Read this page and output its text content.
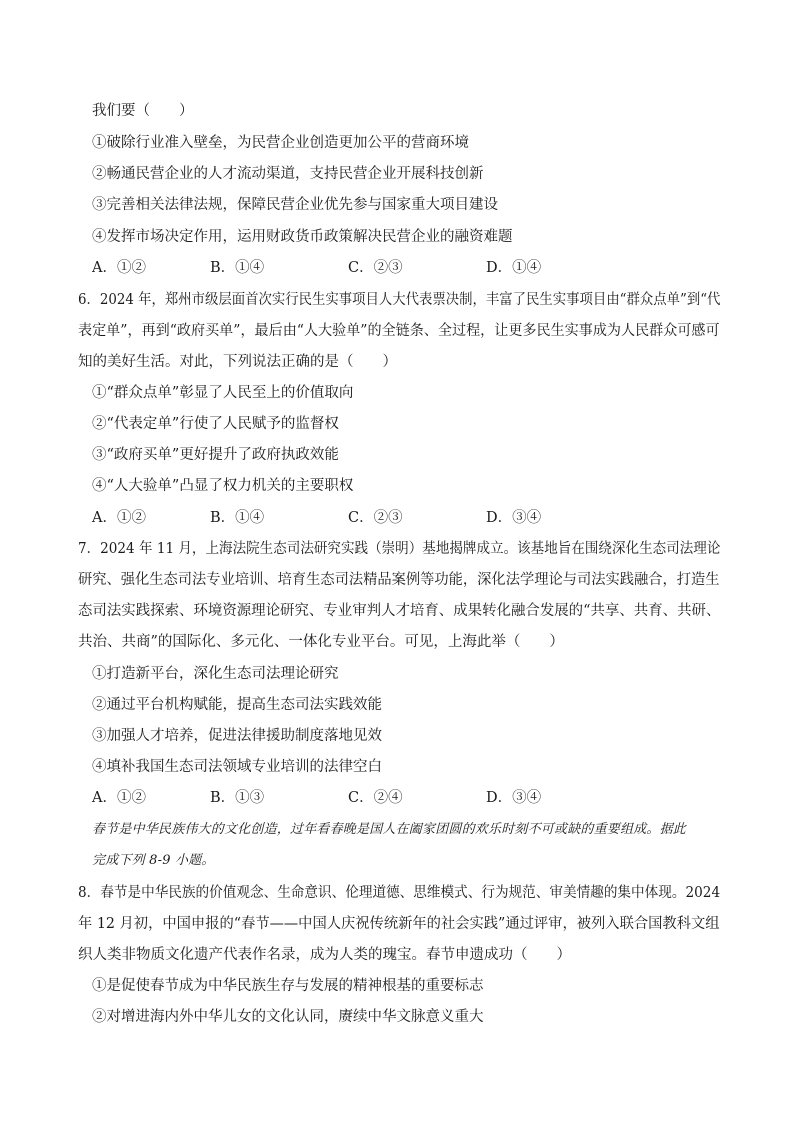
我们要（　　）
①破除行业准入壁垒，为民营企业创造更加公平的营商环境
②畅通民营企业的人才流动渠道，支持民营企业开展科技创新
③完善相关法律法规，保障民营企业优先参与国家重大项目建设
④发挥市场决定作用，运用财政货币政策解决民营企业的融资难题
A．①②	B．①④	C．②③	D．①④
6．2024 年，郑州市级层面首次实行民生实事项目人大代表票决制，丰富了民生实事项目由“群众点单”到“代
表定单”，再到“政府买单”，最后由“人大验单”的全链条、全过程，让更多民生实事成为人民群众可感可
知的美好生活。对此，下列说法正确的是（　　）
①“群众点单”彰显了人民至上的价值取向
②“代表定单”行使了人民赋予的监督权
③“政府买单”更好提升了政府执政效能
④“人大验单”凸显了权力机关的主要职权
A．①②	B．①④	C．②③	D．③④
7．2024 年 11 月，上海法院生态司法研究实践（崇明）基地揭牌成立。该基地旨在围绕深化生态司法理论
研究、强化生态司法专业培训、培育生态司法精品案例等功能，深化法学理论与司法实践融合，打造生
态司法实践探索、环境资源理论研究、专业审判人才培育、成果转化融合发展的“共享、共育、共研、
共治、共商”的国际化、多元化、一体化专业平台。可见，上海此举（　　）
①打造新平台，深化生态司法理论研究
②通过平台机构赋能，提高生态司法实践效能
③加强人才培养，促进法律援助制度落地见效
④填补我国生态司法领域专业培训的法律空白
A．①②	B．①③	C．②④	D．③④
春节是中华民族伟大的文化创造，过年看春晚是国人在阖家团圆的欢乐时刻不可或缺的重要组成。据此
完成下列 8-9 小题。
8．春节是中华民族的价值观念、生命意识、伦理道德、思维模式、行为规范、审美情趣的集中体现。2024
年 12 月初，中国申报的“春节——中国人庆祝传统新年的社会实践”通过评审，被列入联合国教科文组
织人类非物质文化遗产代表作名录，成为人类的瑰宝。春节申遗成功（　　）
①是促使春节成为中华民族生存与发展的精神根基的重要标志
②对增进海内外中华儿女的文化认同，赓续中华文脉意义重大
